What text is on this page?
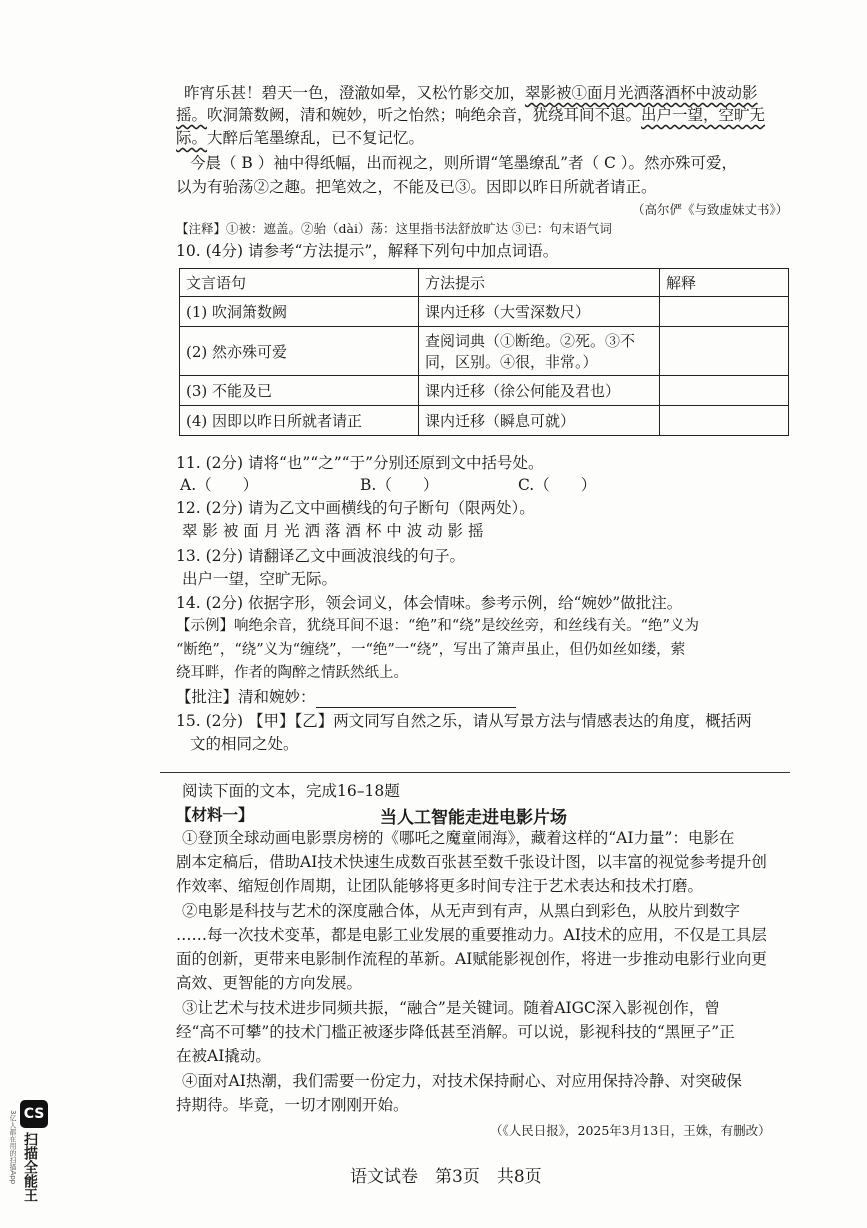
昨宵乐甚！碧天一色，澄澈如晕，又松竹影交加，翠影被①面月光洒落酒杯中波动影
摇。吹洞箫数阙，清和婉妙，听之怡然；响绝余音，犹绕耳间不退。出户一望，空旷无
际。大醉后笔墨缭乱，已不复记忆。
今晨（ B ）袖中得纸幅，出而视之，则所谓“笔墨缭乱”者（ C ）。然亦殊可爱，
以为有骀荡②之趣。把笔效之，不能及已③。因即以昨日所就者请正。
（高尔俨《与致虚妹丈书》）
【注释】①被：遮盖。②骀（dài）荡：这里指书法舒放旷达 ③已：句末语气词
10. (4分) 请参考“方法提示”，解释下列句中加点词语。
文言语句	方法提示	解释
(1) 吹洞箫数阙	课内迁移（大雪深数尺）	
(2) 然亦殊可爱	查阅词典（①断绝。②死。③不同，区别。④很，非常。）	
(3) 不能及已	课内迁移（徐公何能及君也）	
(4) 因即以昨日所就者请正	课内迁移（瞬息可就）	
11. (2分) 请将“也”“之”“于”分别还原到文中括号处。
A.（　　）	B.（　　）	C.（　　）
12. (2分) 请为乙文中画横线的句子断句（限两处）。
翠 影 被 面 月 光 洒 落 酒 杯 中 波 动 影 摇
13. (2分) 请翻译乙文中画波浪线的句子。
出户一望，空旷无际。
14. (2分) 依据字形，领会词义，体会情味。参考示例，给“婉妙”做批注。
【示例】响绝余音，犹绕耳间不退：“绝”和“绕”是绞丝旁，和丝线有关。“绝”义为
“断绝”，“绕”义为“缠绕”，一“绝”一“绕”，写出了箫声虽止，但仍如丝如缕，萦
绕耳畔，作者的陶醉之情跃然纸上。
【批注】清和婉妙：
15. (2分) 【甲】【乙】两文同写自然之乐，请从写景方法与情感表达的角度，概括两
文的相同之处。
阅读下面的文本，完成16–18题
【材料一】	当人工智能走进电影片场
①登顶全球动画电影票房榜的《哪吒之魔童闹海》，藏着这样的“AI力量”：电影在
剧本定稿后，借助AI技术快速生成数百张甚至数千张设计图，以丰富的视觉参考提升创
作效率、缩短创作周期，让团队能够将更多时间专注于艺术表达和技术打磨。
②电影是科技与艺术的深度融合体，从无声到有声，从黑白到彩色，从胶片到数字
……每一次技术变革，都是电影工业发展的重要推动力。AI技术的应用，不仅是工具层
面的创新，更带来电影制作流程的革新。AI赋能影视创作，将进一步推动电影行业向更
高效、更智能的方向发展。
③让艺术与技术进步同频共振，“融合”是关键词。随着AIGC深入影视创作，曾
经“高不可攀”的技术门槛正被逐步降低甚至消解。可以说，影视科技的“黑匣子”正
在被AI撬动。
④面对AI热潮，我们需要一份定力，对技术保持耐心、对应用保持冷静、对突破保
持期待。毕竟，一切才刚刚开始。
（《人民日报》，2025年3月13日，王姝，有删改）
语文试卷　第3页　共8页
CS
扫描全能王
3亿人都在用的扫描App
